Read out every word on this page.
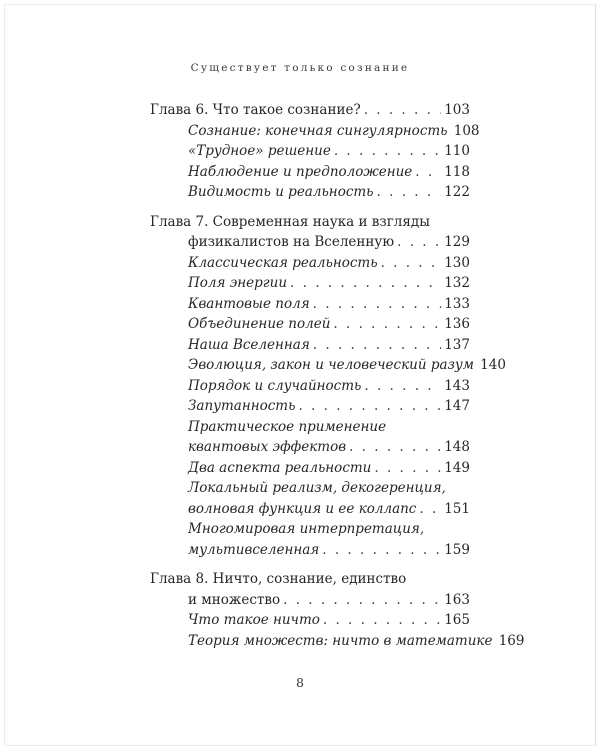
Существует только сознание
Глава 6. Что такое сознание? . . .	103
Сознание: конечная сингулярность 108
«Трудное» решение . . .	110
Наблюдение и предположение . . . 118
Видимость и реальность . . .	122
Глава 7. Современная наука и взгляды
физикалистов на Вселенную . . .	129
Классическая реальность . . .	130
Поля энергии . . .	132
Квантовые поля . . .	133
Объединение полей . . .	136
Наша Вселенная . . .	137
Эволюция, закон и человеческий разум 140
Порядок и случайность . . .	143
Запутанность . . .	147
Практическое применение
квантовых эффектов . . .	148
Два аспекта реальности . . .	149
Локальный реализм, декогеренция,
волновая функция и ее коллапс . . . 151
Многомировая интерпретация,
мультивселенная . . .	159
Глава 8. Ничто, сознание, единство
и множество . . .	163
Что такое ничто . . .	165
Теория множеств: ничто в математике 169
8
